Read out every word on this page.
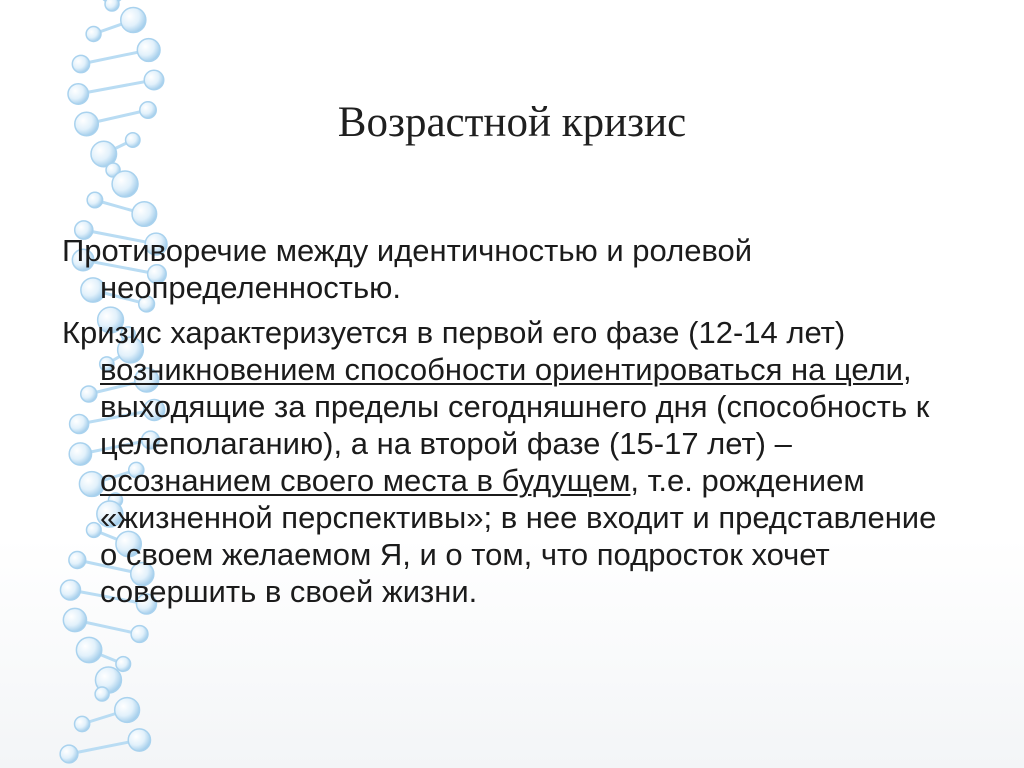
Возрастной кризис

Противоречие между идентичностью и ролевой неопределенностью.

Кризис характеризуется в первой его фазе (12-14 лет) возникновением способности ориентироваться на цели, выходящие за пределы сегодняшнего дня (способность к целеполаганию), а на второй фазе (15-17 лет) – осознанием своего места в будущем, т.е. рождением «жизненной перспективы»; в нее входит и представление о своем желаемом Я, и о том, что подросток хочет совершить в своей жизни.
